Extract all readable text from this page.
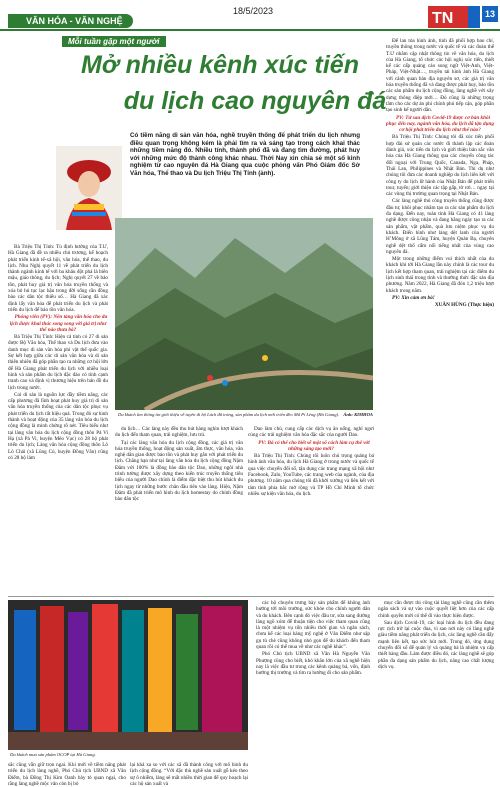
VĂN HÓA - VĂN NGHỆ
18/5/2023	TN	13
Mỗi tuần gặp một người
Mở nhiều kênh xúc tiến
du lịch cao nguyên đá
Có tiềm năng di sản văn hóa, nghề truyền thống để phát triển du lịch nhưng điều quan trọng không kém là phải tìm ra và sáng tạo trong cách khai thác những tiềm năng đó. Nhiều tính, thành phố đã và đang tìm đường, phát huy với những mức độ thành công khác nhau. Thời Nay xin chia sẻ một số kinh nghiệm từ cao nguyên đá Hà Giang qua cuộc phỏng vấn Phó Giám đốc Sở Văn hóa, Thể thao và Du lịch Triệu Thị Tính (ảnh).

Bà Triệu Thị Tính: Tù định hướng của T.Ư, Hà Giang đã đề ra nhiều chủ trương, kế hoạch phát triển kinh tế-xã hội, văn hóa, thể thao, du lịch. Nhu Nghị quyết 11 về phát triển du lịch thành ngành kinh tế với ba khâu đột phá là biên mậu, giáo thông, du lịch; Nghị quyết 27 về bảo tồn, phát huy giá trị văn hóa truyền thống và xóa bỏ hủ tục lạc hậu trong đời sống cần đồng bào các dân tộc thiểu số… Hà Giang đã xác định lấy văn hóa để phát triển du lịch và phát triển du lịch để bảo tồn văn hóa.

Phóng viên (PV): Nền tảng văn hóa cho du lịch được khai thác song song với giá trị như thế nào thưa bà?

Bà Triệu Thị Tính: Hiện cả tính có 27 di sản được Bộ Văn hóa, Thể thao và Du lịch đưa vào danh mục di sản văn hóa phi vật thể quốc gia. Sự kết hợp giữa các di sản văn hóa và di sản thiên nhiên đã góp phần tạo ra những cơ hội lớn để Hà Giang phát triển du lịch với nhiều loại hình và sản phẩm du lịch đặc đáo có tính cạnh tranh cao và định vị thương hiệu trên bản đồ du lịch trong nước.

Coi di sản là nguồn lực đầy tiềm năng, các cấp phương đã lĩnh hoạt phát huy giá trị di sản văn hóa truyền thống của các dân tộc phục vụ phát triển du lịch rất hiệu quả. Trong đó sự hình thành và hoạt động của 35 làng văn hóa du lịch cộng đồng là minh chứng rõ nét. Tiêu biểu như tại làng văn hóa du lịch cộng đồng thôn Pả Vi Hạ (xã Pả Vi, huyện Mèo Vạc) có 28 hộ phát triển du lịch; Làng văn hóa cộng đồng thôn Lô Lô Chải (xã Lũng Cú, huyện Đồng Văn) cũng có 28 hộ làm

Du khách tìm thông tin giới thiệu về tuyến di bộ Lách đã tráng, sản phẩm du lịch mới triển đèo Mã Pí Lèng (Hà Giang). Ảnh: KIMHOA

du lịch… Các làng này đều thu hút hàng nghìn lượt khách du lịch đến tham quan, trải nghiệm, lưu trú.

Tại các làng văn hóa du lịch cộng đồng, các giá trị văn hóa truyền thống, hoạt động sản xuất, ẩm thực, văn hóa, văn nghệ dân gian được bảo tồn và phát huy gắn với phát triển du lịch. Chẳng hạn như tại làng văn hóa du lịch cộng đồng Nậm Đăm với 100% là đồng bào dân tộc Dao, những ngôi nhà trình tường được xây dựng theo kiến trúc truyền thống tiêu biểu của người Dao chính là điểm đặc biệt thu hút khách du lịch ngay từ những bước chân đầu tiên vào làng. Hiện, Nậm Đăm đã phát triển mô hình du lịch homestay do chính đồng bào dân tộc

Dao làm chủ, cung cấp các dịch vụ ăn uống, nghỉ ngơi cùng các trải nghiệm văn hóa đặc sắc của người Dao.

PV: Bà có thể cho biết sẽ một số cách làm cụ thể với những sáng tạo mới?

Bà Triệu Thị Tính: Chúng tôi luôn chú trọng quảng bá hình ảnh văn hóa, du lịch Hà Giang ở trong nước và quốc tế qua việc chuyển đổi số, tận dụng các trang mạng xã hội như Facebook, Zalo, YouTube, các trang web của ngành, của địa phương. 10 năm qua chúng tôi đã khởi xướng và liên kết với tám tỉnh phía bắc mở rộng và TP Hồ Chí Minh tổ chức nhiều sự kiện văn hóa, du lịch.

Để lan tỏa hình ảnh, tính đã phối hợp bao chí, truyền thông trong nước và quốc tế và các đoàn thể T.Ư nhằm cập nhật thông tin về văn hóa, du lịch của Hà Giang, tổ chức các hội nghị xúc tiến, thiết kế các cấp quảng cáo song ngữ Việt-Anh, Việt-Pháp, Việt-Nhật…, truyền tải hình ảnh Hà Giang với cảnh quan bản địa nguyên sơ, các giá trị văn hóa truyền thống đã và đang được phát huy, bảo tồn các sản phẩm du lịch cộng đồng, làng nghề với xây dựng thông điệp mới… Đó cũng là những trọng tâm cho các dự án phi chính phủ tiếp cận, góp phần tạo sinh kế người dân.

PV: Từ sau dịch Covid-19 được cơ bản khôi phục đến nay, ngành văn hóa, du lịch đã tận dụng cơ hội phát triển du lịch như thế nào?

Bà Triệu Thị Tính: Chúng tôi đã xúc tiến phối hợp đài sứ quán các nước đi thành lập các đoàn đánh giá, xúc tiến du lịch và giới thiệu bản sắc văn hóa của Hà Giang thông qua các chuyến công tác đối ngoại với Trung Quốc, Canada, Nga, Pháp, Thái Lan, Philippines và Nhật Bản. Thí dụ như chúng tôi đưa các doanh nghiệp du lịch liên kết với công ty du lịch lữ hành của Nhật Bản để phát triển tour, tuyến; giới thiệu các tập gấp, tờ rơi… ngay tại các vùng thị trường quan trọng tại Nhật Bản.

Các làng nghề thủ công truyền thống cũng được đầu tư, khôi phục nhằm tạo ra các sản phẩm du lịch đa dạng. Đến nay, toàn tỉnh Hà Giang có 41 làng nghề được công nhận và đang hằng ngày tạo ra các sản phẩm, vật phẩm, quà lưu niệm phục vụ du khách. Điển hình như làng dệt lanh của người H’Mông ở xã Lũng Tám, huyện Quản Bạ, chuyên nghề dệt thổ cẩm nổi tiếng nhất của vùng cao nguyên đá.

Một trong những điểm vui thích nhất của du khách khi tới Hà Giang lần này chính là các tour du lịch kết hợp tham quan, trải nghiệm tại các điểm du lịch sinh thái trong tỉnh và thưởng thức đặc sản địa phương. Năm 2022, Hà Giang đã đón 1,2 triệu lượt khách trong năm.

PV: Xin cảm ơn bà!

XUÂN HÙNG (Thực hiện)

Du khách mua sản phẩm OCOP tại Hà Giang.
sắc cũng vẫn giữ trọn ngai. Khi mới về tiềm năng phát triển du lịch làng nghề, Phó Chủ tịch UBND xã Vân Điểm, bà Đồng Thị Kim Oanh bày tỏ quan ngại, cho rằng làng nghề mộc vân còn bị bỏ
lại khá xa so với các xã đã thành công với mô hình du lịch cộng đồng. “Với đặc thù nghề sản xuất gỗ kéo theo sự ô nhiễm, làng sẽ mất nhiều thời gian để quy hoạch lại các hộ sản xuất và

các hộ chuyên trưng bày sản phẩm để không ảnh hưởng tới môi trường, sức khỏe cho chính người dân và du khách. Bên cạnh đó việc đầu tư, sửa sang đường làng ngõ xóm để thuận tiện cho việc tham quan cũng là một nhiệm vụ tốn nhiều thời gian và ngân sách, chưa kể các loại hàng mỹ nghệ ở Vân Điểm như sập gụ tủ chè cũng không nhỏ gọn để du khách đến tham quan rồi có thể mua về như các nghề khác”.

Phó Chủ tịch UBND xã Vân Hà Nguyễn Văn Phượng cũng cho biết, khó khăn lớn của xã nghề hiện nay là việc đầu tư trong các kênh quảng bá, vốn, định hướng thị trường và tìm ra hướng đi cho sản phẩm.

mục cần được thi công tài làng nghề cũng cần thêm ngân sách và sự vào cuộc quyết liệt hơn của các cấp chính quyền mới có thể đi vào thực hiện được.

Sau dịch Covid-19, các loại hình du lịch đều đang rực rịch trở lại cuộc đua, vì sao nơi này có làng nghề giàu tiềm năng phát triển du lịch, các làng nghề cần đẩy mạnh liên kết, tạo sức hút mới. Trong đó, ứng dụng chuyển đổi số để quản lý và quảng bá là nhiệm vụ cấp thiết hàng đầu. Làm được điều đó, các làng nghề sẽ góp phần đa dạng sản phẩm du lịch, nâng cao chất lượng dịch vụ.
